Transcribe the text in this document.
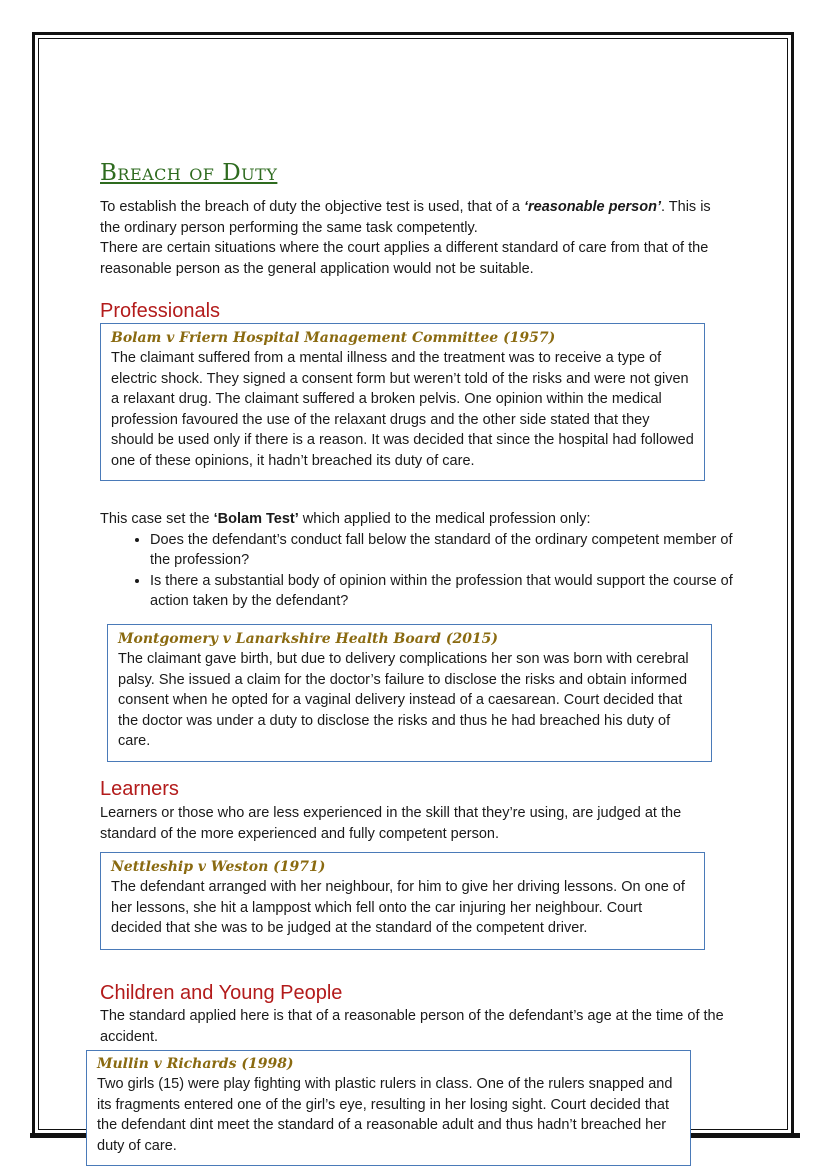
Breach of Duty
To establish the breach of duty the objective test is used, that of a ‘reasonable person’. This is the ordinary person performing the same task competently.
There are certain situations where the court applies a different standard of care from that of the reasonable person as the general application would not be suitable.
Professionals
Bolam v Friern Hospital Management Committee (1957)
The claimant suffered from a mental illness and the treatment was to receive a type of electric shock. They signed a consent form but weren’t told of the risks and were not given a relaxant drug. The claimant suffered a broken pelvis. One opinion within the medical profession favoured the use of the relaxant drugs and the other side stated that they should be used only if there is a reason. It was decided that since the hospital had followed one of these opinions, it hadn’t breached its duty of care.
This case set the ‘Bolam Test’ which applied to the medical profession only:
• Does the defendant’s conduct fall below the standard of the ordinary competent member of the profession?
• Is there a substantial body of opinion within the profession that would support the course of action taken by the defendant?
Montgomery v Lanarkshire Health Board (2015)
The claimant gave birth, but due to delivery complications her son was born with cerebral palsy. She issued a claim for the doctor’s failure to disclose the risks and obtain informed consent when he opted for a vaginal delivery instead of a caesarean. Court decided that the doctor was under a duty to disclose the risks and thus he had breached his duty of care.
Learners
Learners or those who are less experienced in the skill that they’re using, are judged at the standard of the more experienced and fully competent person.
Nettleship v Weston (1971)
The defendant arranged with her neighbour, for him to give her driving lessons. On one of her lessons, she hit a lamppost which fell onto the car injuring her neighbour. Court decided that she was to be judged at the standard of the competent driver.
Children and Young People
The standard applied here is that of a reasonable person of the defendant’s age at the time of the accident.
Mullin v Richards (1998)
Two girls (15) were play fighting with plastic rulers in class. One of the rulers snapped and its fragments entered one of the girl’s eye, resulting in her losing sight. Court decided that the defendant dint meet the standard of a reasonable adult and thus hadn’t breached her duty of care.
